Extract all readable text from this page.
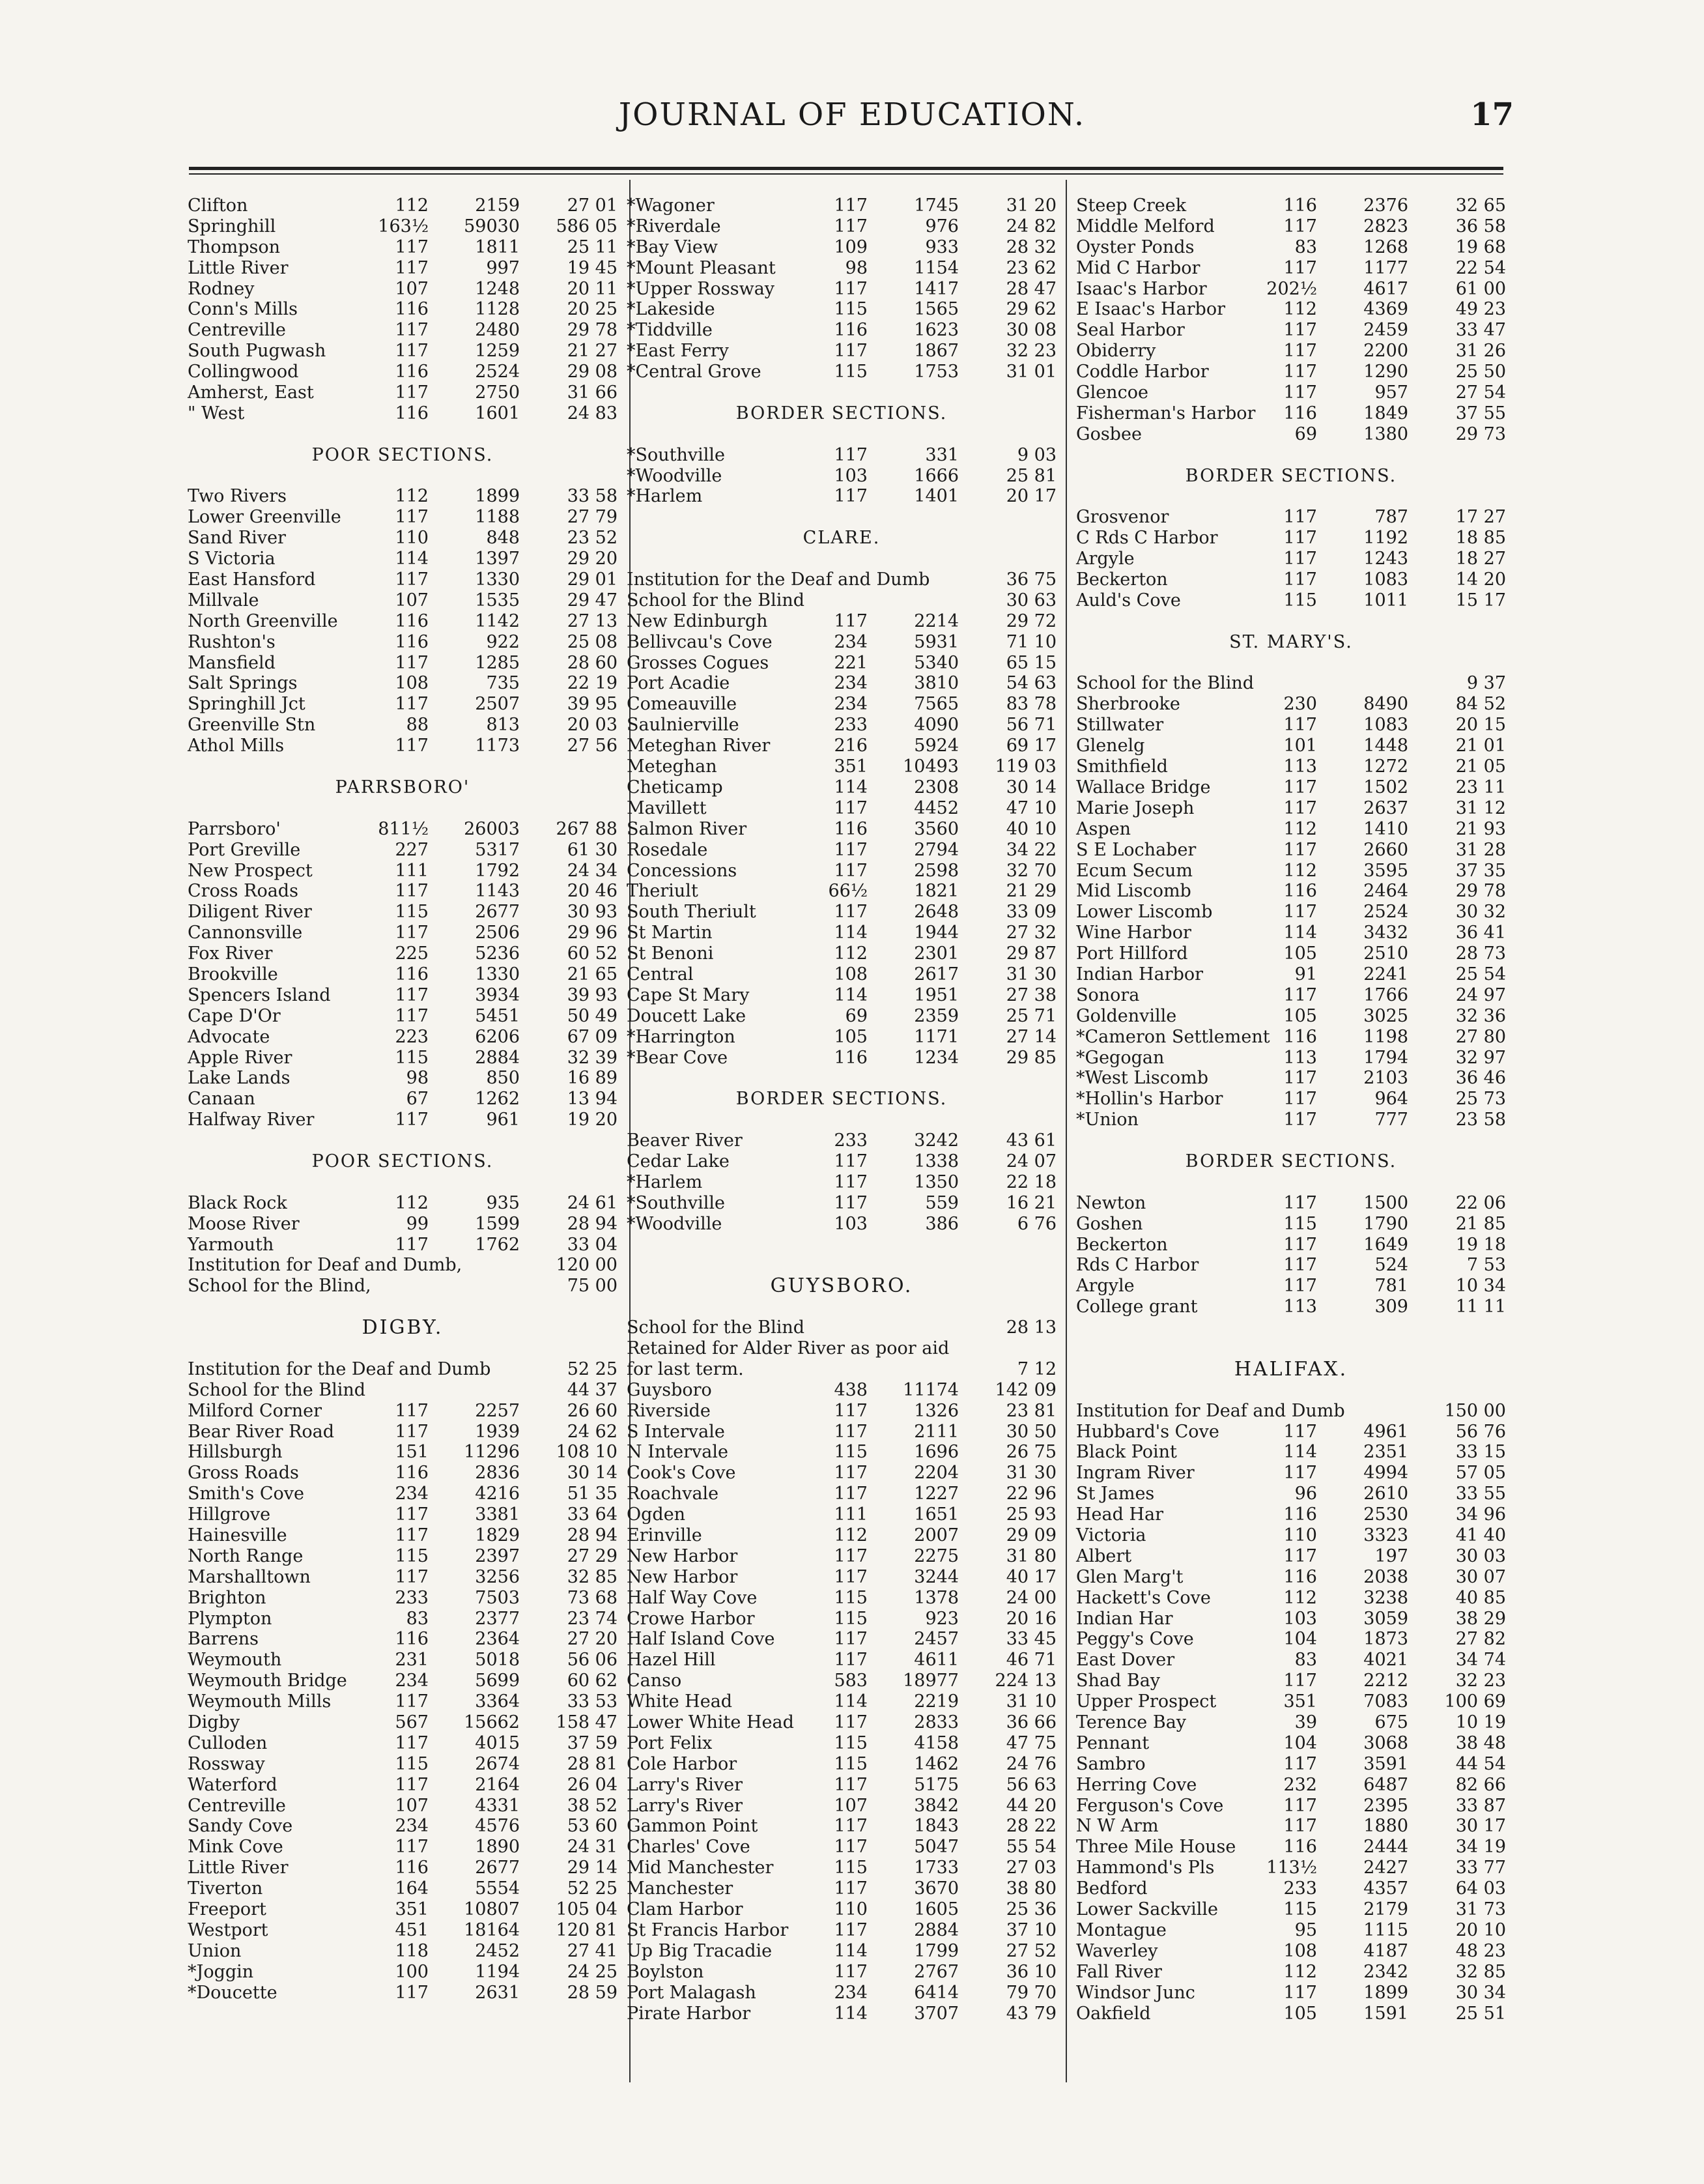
JOURNAL OF EDUCATION.	17
Clifton	112	2159	27 01
Springhill	163½	59030	586 05
Thompson	117	1811	25 11
Little River	117	997	19 45
Rodney	107	1248	20 11
Conn's Mills	116	1128	20 25
Centreville	117	2480	29 78
South Pugwash	117	1259	21 27
Collingwood	116	2524	29 08
Amherst, East	117	2750	31 66
" West	116	1601	24 83
POOR SECTIONS.
Two Rivers	112	1899	33 58
Lower Greenville	117	1188	27 79
Sand River	110	848	23 52
S Victoria	114	1397	29 20
East Hansford	117	1330	29 01
Millvale	107	1535	29 47
North Greenville	116	1142	27 13
Rushton's	116	922	25 08
Mansfield	117	1285	28 60
Salt Springs	108	735	22 19
Springhill Jct	117	2507	39 95
Greenville Stn	88	813	20 03
Athol Mills	117	1173	27 56
PARRSBORO'
Parrsboro'	811½	26003	267 88
Port Greville	227	5317	61 30
New Prospect	111	1792	24 34
Cross Roads	117	1143	20 46
Diligent River	115	2677	30 93
Cannonsville	117	2506	29 96
Fox River	225	5236	60 52
Brookville	116	1330	21 65
Spencers Island	117	3934	39 93
Cape D'Or	117	5451	50 49
Advocate	223	6206	67 09
Apple River	115	2884	32 39
Lake Lands	98	850	16 89
Canaan	67	1262	13 94
Halfway River	117	961	19 20
POOR SECTIONS.
Black Rock	112	935	24 61
Moose River	99	1599	28 94
Yarmouth	117	1762	33 04
Institution for Deaf and Dumb,	120 00
School for the Blind,	75 00
DIGBY.
Institution for the Deaf and Dumb	52 25
School for the Blind	44 37
Milford Corner	117	2257	26 60
Bear River Road	117	1939	24 62
Hillsburgh	151	11296	108 10
Gross Roads	116	2836	30 14
Smith's Cove	234	4216	51 35
Hillgrove	117	3381	33 64
Hainesville	117	1829	28 94
North Range	115	2397	27 29
Marshalltown	117	3256	32 85
Brighton	233	7503	73 68
Plympton	83	2377	23 74
Barrens	116	2364	27 20
Weymouth	231	5018	56 06
Weymouth Bridge	234	5699	60 62
Weymouth Mills	117	3364	33 53
Digby	567	15662	158 47
Culloden	117	4015	37 59
Rossway	115	2674	28 81
Waterford	117	2164	26 04
Centreville	107	4331	38 52
Sandy Cove	234	4576	53 60
Mink Cove	117	1890	24 31
Little River	116	2677	29 14
Tiverton	164	5554	52 25
Freeport	351	10807	105 04
Westport	451	18164	120 81
Union	118	2452	27 41
*Joggin	100	1194	24 25
*Doucette	117	2631	28 59
*Wagoner	117	1745	31 20
*Riverdale	117	976	24 82
*Bay View	109	933	28 32
*Mount Pleasant	98	1154	23 62
*Upper Rossway	117	1417	28 47
*Lakeside	115	1565	29 62
*Tiddville	116	1623	30 08
*East Ferry	117	1867	32 23
*Central Grove	115	1753	31 01
BORDER SECTIONS.
*Southville	117	331	9 03
*Woodville	103	1666	25 81
*Harlem	117	1401	20 17
CLARE.
Institution for the Deaf and Dumb	36 75
School for the Blind	30 63
New Edinburgh	117	2214	29 72
Bellivcau's Cove	234	5931	71 10
Grosses Cogues	221	5340	65 15
Port Acadie	234	3810	54 63
Comeauville	234	7565	83 78
Saulnierville	233	4090	56 71
Meteghan River	216	5924	69 17
Meteghan	351	10493	119 03
Cheticamp	114	2308	30 14
Mavillett	117	4452	47 10
Salmon River	116	3560	40 10
Rosedale	117	2794	34 22
Concessions	117	2598	32 70
Theriult	66½	1821	21 29
South Theriult	117	2648	33 09
St Martin	114	1944	27 32
St Benoni	112	2301	29 87
Central	108	2617	31 30
Cape St Mary	114	1951	27 38
Doucett Lake	69	2359	25 71
*Harrington	105	1171	27 14
*Bear Cove	116	1234	29 85
BORDER SECTIONS.
Beaver River	233	3242	43 61
Cedar Lake	117	1338	24 07
*Harlem	117	1350	22 18
*Southville	117	559	16 21
*Woodville	103	386	6 76
GUYSBORO.
School for the Blind	28 13
Retained for Alder River as poor aid
for last term.	7 12
Guysboro	438	11174	142 09
Riverside	117	1326	23 81
S Intervale	117	2111	30 50
N Intervale	115	1696	26 75
Cook's Cove	117	2204	31 30
Roachvale	117	1227	22 96
Ogden	111	1651	25 93
Erinville	112	2007	29 09
New Harbor	117	2275	31 80
New Harbor	117	3244	40 17
Half Way Cove	115	1378	24 00
Crowe Harbor	115	923	20 16
Half Island Cove	117	2457	33 45
Hazel Hill	117	4611	46 71
Canso	583	18977	224 13
White Head	114	2219	31 10
Lower White Head	117	2833	36 66
Port Felix	115	4158	47 75
Cole Harbor	115	1462	24 76
Larry's River	117	5175	56 63
Larry's River	107	3842	44 20
Gammon Point	117	1843	28 22
Charles' Cove	117	5047	55 54
Mid Manchester	115	1733	27 03
Manchester	117	3670	38 80
Clam Harbor	110	1605	25 36
St Francis Harbor	117	2884	37 10
Up Big Tracadie	114	1799	27 52
Boylston	117	2767	36 10
Port Malagash	234	6414	79 70
Pirate Harbor	114	3707	43 79
Steep Creek	116	2376	32 65
Middle Melford	117	2823	36 58
Oyster Ponds	83	1268	19 68
Mid C Harbor	117	1177	22 54
Isaac's Harbor	202½	4617	61 00
E Isaac's Harbor	112	4369	49 23
Seal Harbor	117	2459	33 47
Obiderry	117	2200	31 26
Coddle Harbor	117	1290	25 50
Glencoe	117	957	27 54
Fisherman's Harbor	116	1849	37 55
Gosbee	69	1380	29 73
BORDER SECTIONS.
Grosvenor	117	787	17 27
C Rds C Harbor	117	1192	18 85
Argyle	117	1243	18 27
Beckerton	117	1083	14 20
Auld's Cove	115	1011	15 17
ST. MARY'S.
School for the Blind	9 37
Sherbrooke	230	8490	84 52
Stillwater	117	1083	20 15
Glenelg	101	1448	21 01
Smithfield	113	1272	21 05
Wallace Bridge	117	1502	23 11
Marie Joseph	117	2637	31 12
Aspen	112	1410	21 93
S E Lochaber	117	2660	31 28
Ecum Secum	112	3595	37 35
Mid Liscomb	116	2464	29 78
Lower Liscomb	117	2524	30 32
Wine Harbor	114	3432	36 41
Port Hillford	105	2510	28 73
Indian Harbor	91	2241	25 54
Sonora	117	1766	24 97
Goldenville	105	3025	32 36
*Cameron Settlement 116	1198	27 80
*Gegogan	113	1794	32 97
*West Liscomb	117	2103	36 46
*Hollin's Harbor	117	964	25 73
*Union	117	777	23 58
BORDER SECTIONS.
Newton	117	1500	22 06
Goshen	115	1790	21 85
Beckerton	117	1649	19 18
Rds C Harbor	117	524	7 53
Argyle	117	781	10 34
College grant	113	309	11 11
HALIFAX.
Institution for Deaf and Dumb	150 00
Hubbard's Cove	117	4961	56 76
Black Point	114	2351	33 15
Ingram River	117	4994	57 05
St James	96	2610	33 55
Head Har	116	2530	34 96
Victoria	110	3323	41 40
Albert	117	197	30 03
Glen Marg't	116	2038	30 07
Hackett's Cove	112	3238	40 85
Indian Har	103	3059	38 29
Peggy's Cove	104	1873	27 82
East Dover	83	4021	34 74
Shad Bay	117	2212	32 23
Upper Prospect	351	7083	100 69
Terence Bay	39	675	10 19
Pennant	104	3068	38 48
Sambro	117	3591	44 54
Herring Cove	232	6487	82 66
Ferguson's Cove	117	2395	33 87
N W Arm	117	1880	30 17
Three Mile House	116	2444	34 19
Hammond's Pls	113½	2427	33 77
Bedford	233	4357	64 03
Lower Sackville	115	2179	31 73
Montague	95	1115	20 10
Waverley	108	4187	48 23
Fall River	112	2342	32 85
Windsor Junc	117	1899	30 34
Oakfield	105	1591	25 51
